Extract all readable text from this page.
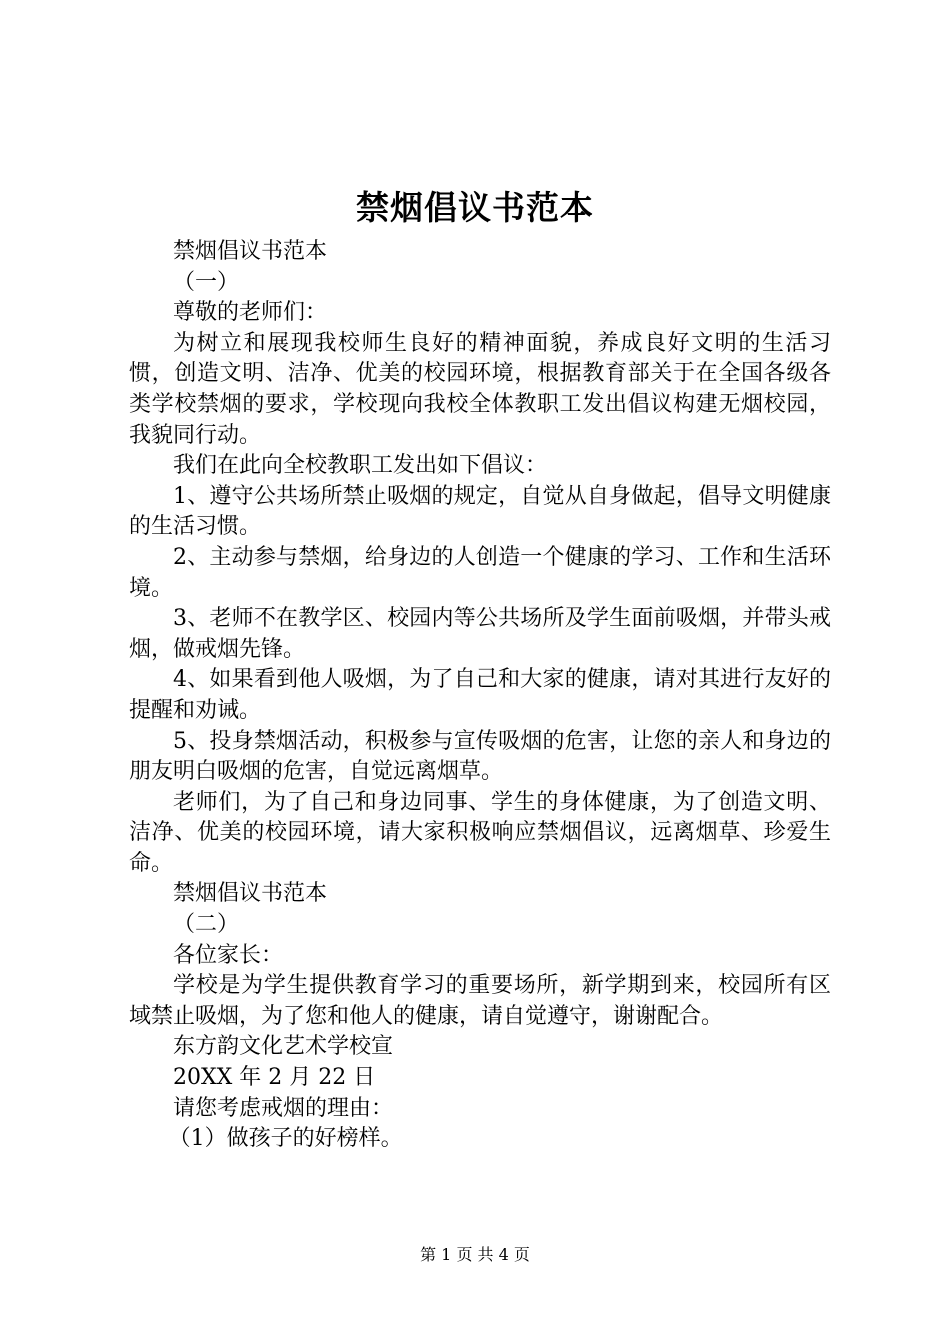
禁烟倡议书范本

禁烟倡议书范本

（一）

尊敬的老师们：

为树立和展现我校师生良好的精神面貌，养成良好文明的生活习惯，创造文明、洁净、优美的校园环境，根据教育部关于在全国各级各类学校禁烟的要求，学校现向我校全体教职工发出倡议构建无烟校园，我貌同行动。

我们在此向全校教职工发出如下倡议：

1、遵守公共场所禁止吸烟的规定，自觉从自身做起，倡导文明健康的生活习惯。

2、主动参与禁烟，给身边的人创造一个健康的学习、工作和生活环境。

3、老师不在教学区、校园内等公共场所及学生面前吸烟，并带头戒烟，做戒烟先锋。

4、如果看到他人吸烟，为了自己和大家的健康，请对其进行友好的提醒和劝诫。

5、投身禁烟活动，积极参与宣传吸烟的危害，让您的亲人和身边的朋友明白吸烟的危害，自觉远离烟草。

老师们，为了自己和身边同事、学生的身体健康，为了创造文明、洁净、优美的校园环境，请大家积极响应禁烟倡议，远离烟草、珍爱生命。

禁烟倡议书范本

（二）

各位家长：

学校是为学生提供教育学习的重要场所，新学期到来，校园所有区域禁止吸烟，为了您和他人的健康，请自觉遵守，谢谢配合。

东方韵文化艺术学校宣

20XX 年 2 月 22 日

请您考虑戒烟的理由：

（1）做孩子的好榜样。

第 1 页 共 4 页
